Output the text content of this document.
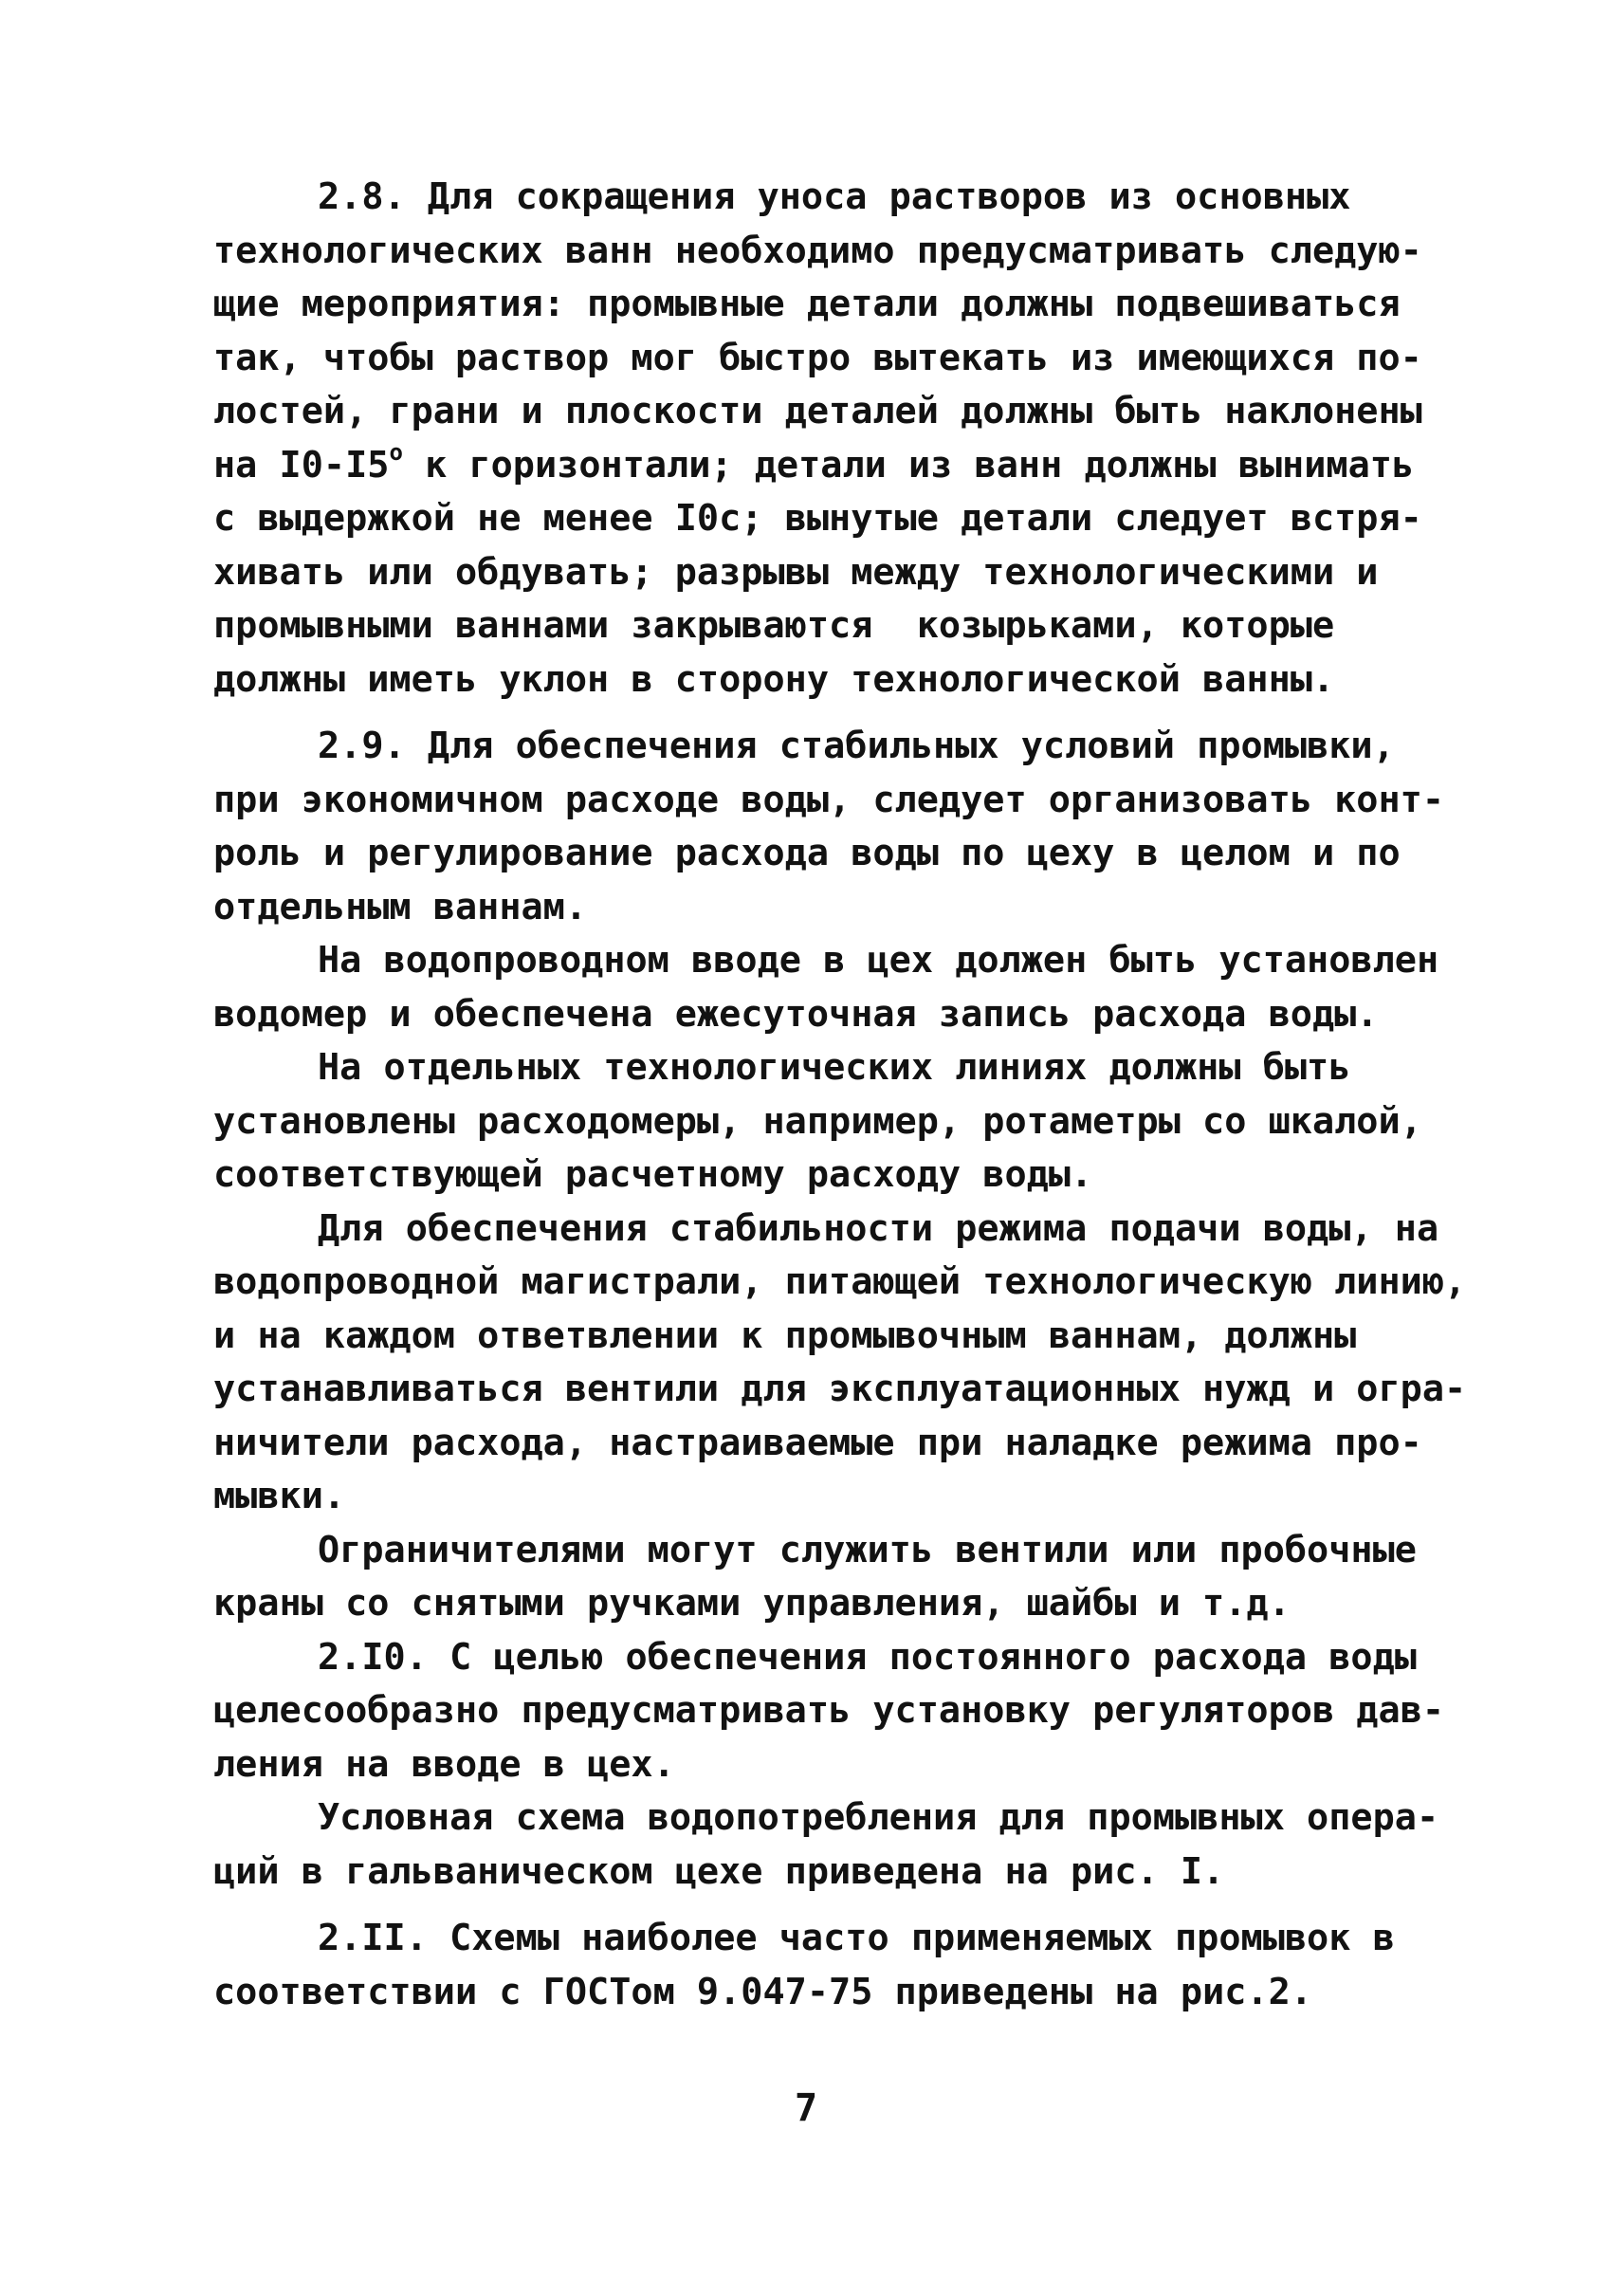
2.8. Для сокращения уноса растворов из основных
технологических ванн необходимо предусматривать следую-
щие мероприятия: промывные детали должны подвешиваться
так, чтобы раствор мог быстро вытекать из имеющихся по-
лостей, грани и плоскости деталей должны быть наклонены
на $I0-I5^о$ к горизонтали; детали из ванн должны вынимать
с выдержкой не менее I0с; вынутые детали следует встря-
хивать или обдувать; разрывы между технологическими и
промывными ваннами закрываются  козырьками, которые
должны иметь уклон в сторону технологической ванны.
2.9. Для обеспечения стабильных условий промывки,
при экономичном расходе воды, следует организовать конт-
роль и регулирование расхода воды по цеху в целом и по
отдельным ваннам.
На водопроводном вводе в цех должен быть установлен
водомер и обеспечена ежесуточная запись расхода воды.
На отдельных технологических линиях должны быть
установлены расходомеры, например, ротаметры со шкалой,
соответствующей расчетному расходу воды.
Для обеспечения стабильности режима подачи воды, на
водопроводной магистрали, питающей технологическую линию,
и на каждом ответвлении к промывочным ваннам, должны
устанавливаться вентили для эксплуатационных нужд и огра-
ничители расхода, настраиваемые при наладке режима про-
мывки.
Ограничителями могут служить вентили или пробочные
краны со снятыми ручками управления, шайбы и т.д.
2.I0. С целью обеспечения постоянного расхода воды
целесообразно предусматривать установку регуляторов дав-
ления на вводе в цех.
Условная схема водопотребления для промывных опера-
ций в гальваническом цехе приведена на рис. I.
2.II. Схемы наиболее часто применяемых промывок в
соответствии с ГОСТом 9.047-75 приведены на рис.2.
7
